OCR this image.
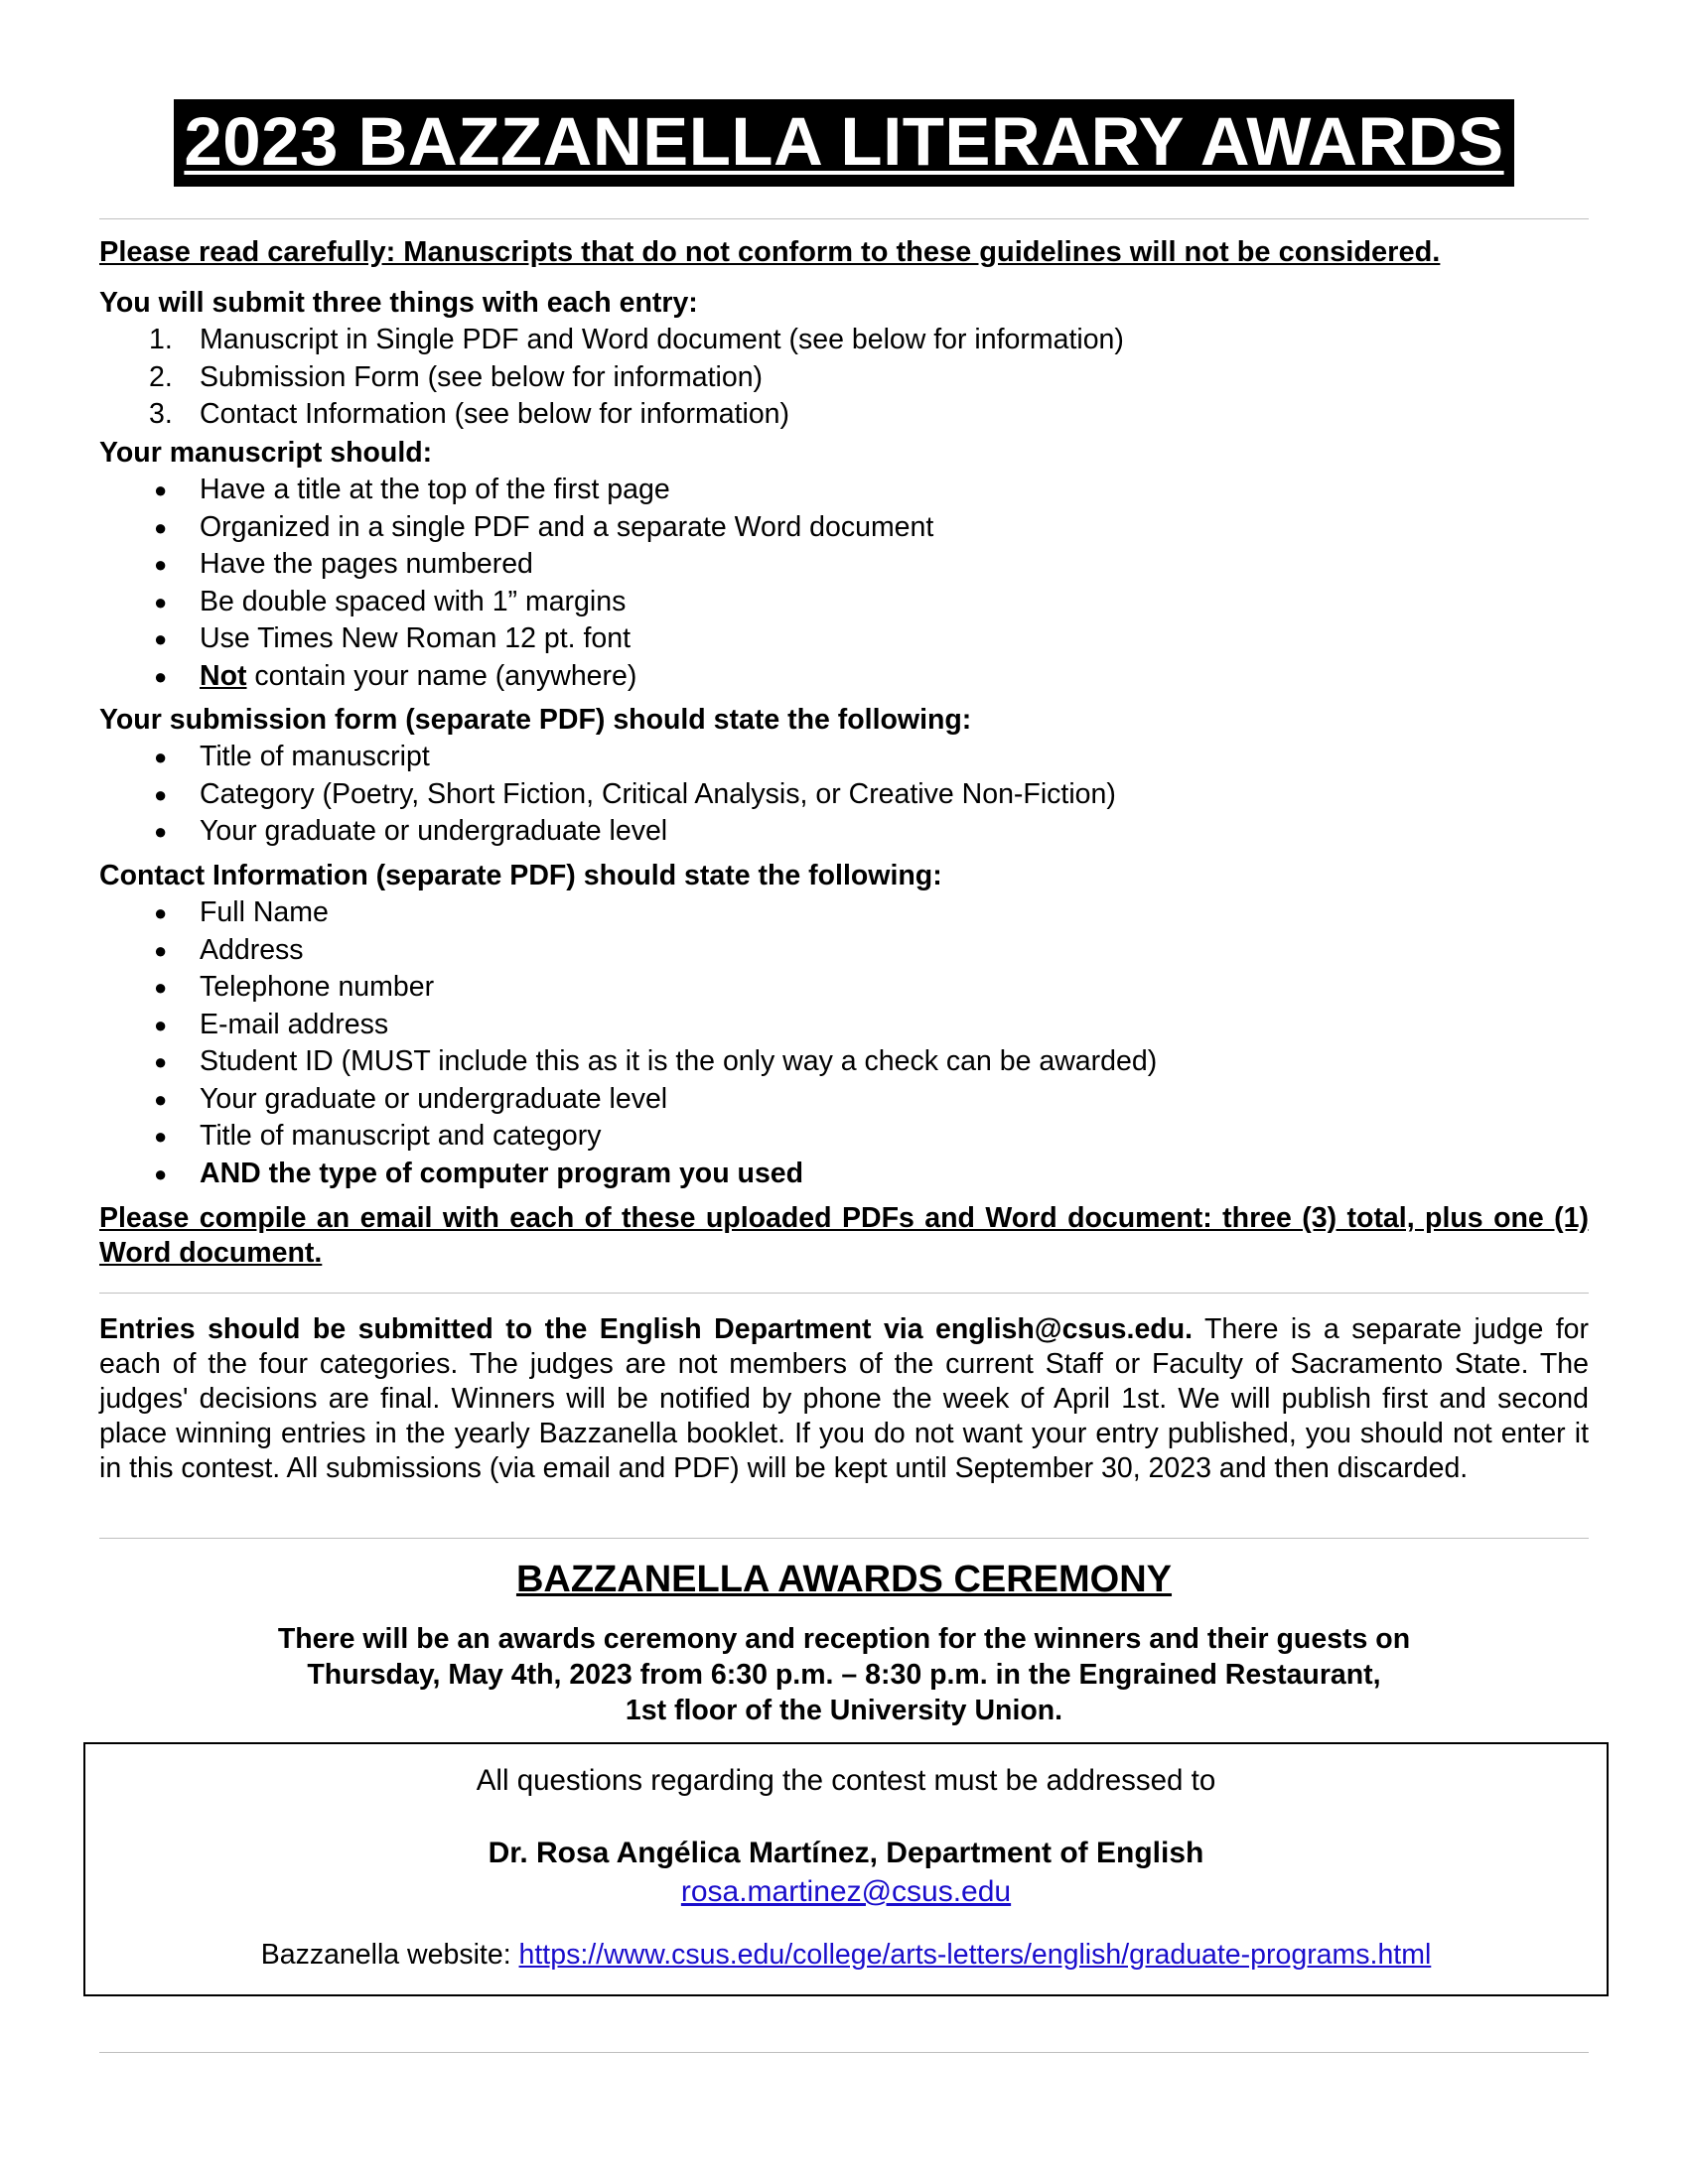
2023 BAZZANELLA LITERARY AWARDS
Please read carefully: Manuscripts that do not conform to these guidelines will not be considered.
You will submit three things with each entry:
1. Manuscript in Single PDF and Word document (see below for information)
2. Submission Form (see below for information)
3. Contact Information (see below for information)
Your manuscript should:
● Have a title at the top of the first page
● Organized in a single PDF and a separate Word document
● Have the pages numbered
● Be double spaced with 1” margins
● Use Times New Roman 12 pt. font
● Not contain your name (anywhere)
Your submission form (separate PDF) should state the following:
● Title of manuscript
● Category (Poetry, Short Fiction, Critical Analysis, or Creative Non-Fiction)
● Your graduate or undergraduate level
Contact Information (separate PDF) should state the following:
● Full Name
● Address
● Telephone number
● E-mail address
● Student ID (MUST include this as it is the only way a check can be awarded)
● Your graduate or undergraduate level
● Title of manuscript and category
● AND the type of computer program you used
Please compile an email with each of these uploaded PDFs and Word document: three (3) total, plus one (1) Word document.
Entries should be submitted to the English Department via english@csus.edu. There is a separate judge for each of the four categories. The judges are not members of the current Staff or Faculty of Sacramento State. The judges' decisions are final. Winners will be notified by phone the week of April 1st. We will publish first and second place winning entries in the yearly Bazzanella booklet. If you do not want your entry published, you should not enter it in this contest. All submissions (via email and PDF) will be kept until September 30, 2023 and then discarded.
BAZZANELLA AWARDS CEREMONY
There will be an awards ceremony and reception for the winners and their guests on
Thursday, May 4th, 2023 from 6:30 p.m. – 8:30 p.m. in the Engrained Restaurant,
1st floor of the University Union.
All questions regarding the contest must be addressed to
Dr. Rosa Angélica Martínez, Department of English
rosa.martinez@csus.edu
Bazzanella website: https://www.csus.edu/college/arts-letters/english/graduate-programs.html
